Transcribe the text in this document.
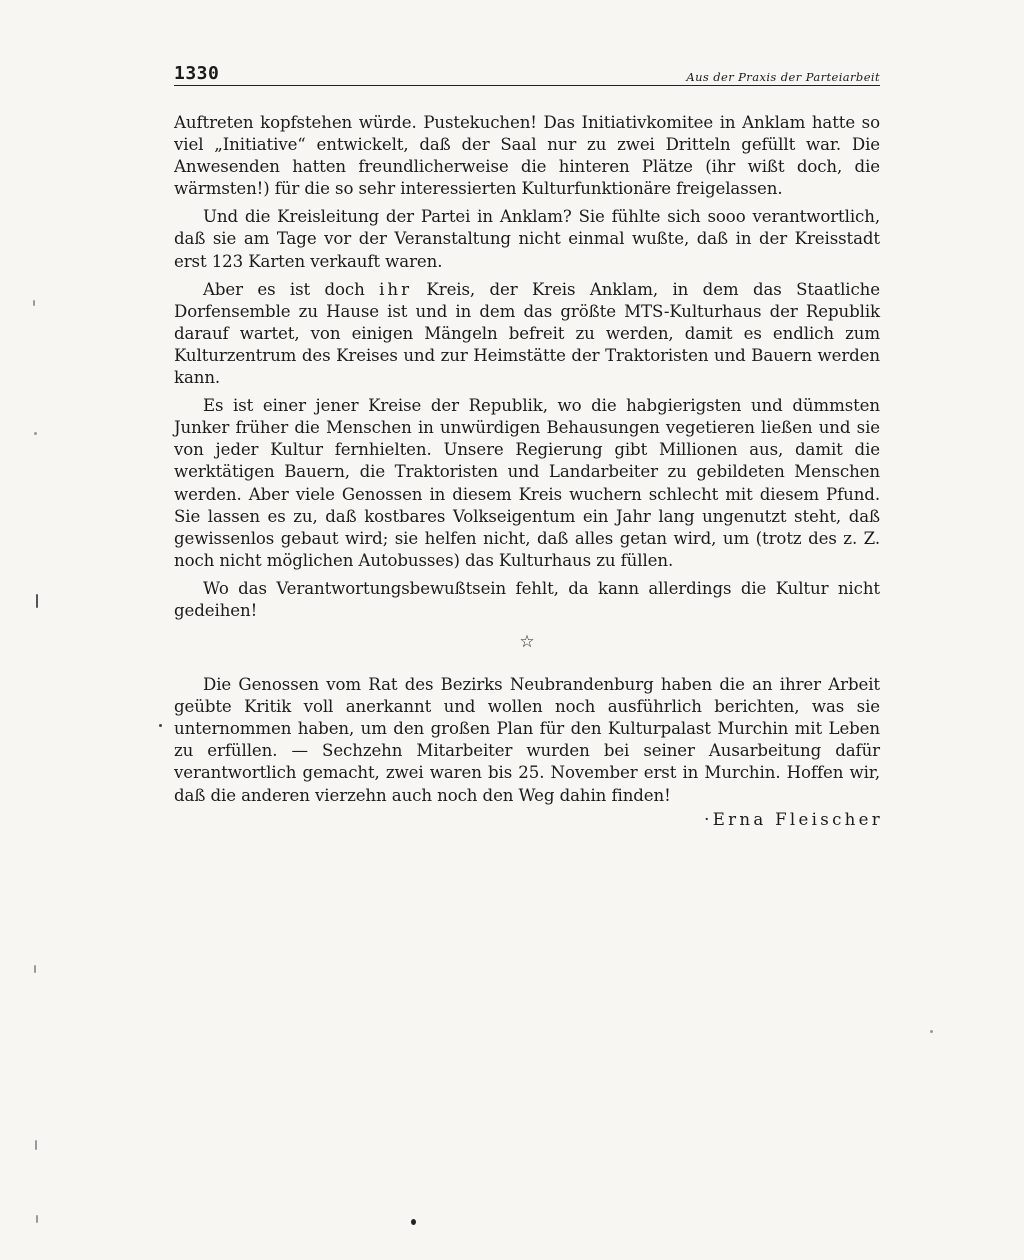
1330	Aus der Praxis der Parteiarbeit

Auftreten kopfstehen würde. Pustekuchen! Das Initiativkomitee in Anklam hatte so viel „Initiative“ entwickelt, daß der Saal nur zu zwei Dritteln gefüllt war. Die Anwesenden hatten freundlicherweise die hinteren Plätze (ihr wißt doch, die wärmsten!) für die so sehr interessierten Kulturfunktionäre freigelassen.

Und die Kreisleitung der Partei in Anklam? Sie fühlte sich sooo verantwortlich, daß sie am Tage vor der Veranstaltung nicht einmal wußte, daß in der Kreisstadt erst 123 Karten verkauft waren.

Aber es ist doch ihr Kreis, der Kreis Anklam, in dem das Staatliche Dorfensemble zu Hause ist und in dem das größte MTS-Kulturhaus der Republik darauf wartet, von einigen Mängeln befreit zu werden, damit es endlich zum Kulturzentrum des Kreises und zur Heimstätte der Traktoristen und Bauern werden kann.

Es ist einer jener Kreise der Republik, wo die habgierigsten und dümmsten Junker früher die Menschen in unwürdigen Behausungen vegetieren ließen und sie von jeder Kultur fernhielten. Unsere Regierung gibt Millionen aus, damit die werktätigen Bauern, die Traktoristen und Landarbeiter zu gebildeten Menschen werden. Aber viele Genossen in diesem Kreis wuchern schlecht mit diesem Pfund. Sie lassen es zu, daß kostbares Volkseigentum ein Jahr lang ungenutzt steht, daß gewissenlos gebaut wird; sie helfen nicht, daß alles getan wird, um (trotz des z. Z. noch nicht möglichen Autobusses) das Kulturhaus zu füllen.

Wo das Verantwortungsbewußtsein fehlt, da kann allerdings die Kultur nicht gedeihen!

☆

Die Genossen vom Rat des Bezirks Neubrandenburg haben die an ihrer Arbeit geübte Kritik voll anerkannt und wollen noch ausführlich berichten, was sie unternommen haben, um den großen Plan für den Kulturpalast Murchin mit Leben zu erfüllen. — Sechzehn Mitarbeiter wurden bei seiner Ausarbeitung dafür verantwortlich gemacht, zwei waren bis 25. November erst in Murchin. Hoffen wir, daß die anderen vierzehn auch noch den Weg dahin finden!

·Erna Fleischer
